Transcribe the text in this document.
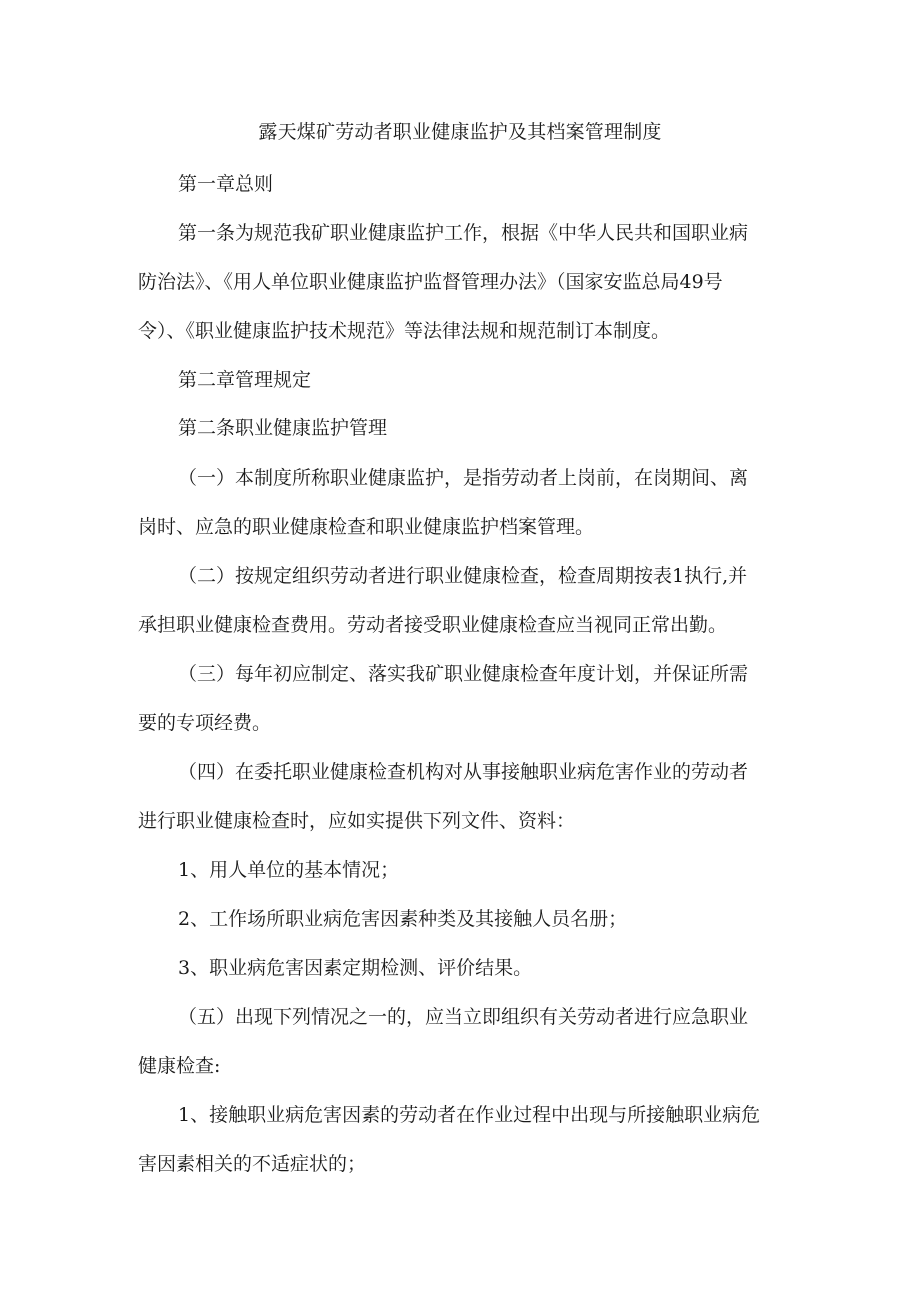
露天煤矿劳动者职业健康监护及其档案管理制度
第一章总则
第一条为规范我矿职业健康监护工作，根据《中华人民共和国职业病
防治法》、《用人单位职业健康监护监督管理办法》（国家安监总局49号
令）、《职业健康监护技术规范》等法律法规和规范制订本制度。
第二章管理规定
第二条职业健康监护管理
（一）本制度所称职业健康监护，是指劳动者上岗前，在岗期间、离
岗时、应急的职业健康检查和职业健康监护档案管理。
（二）按规定组织劳动者进行职业健康检查，检查周期按表1执行,并
承担职业健康检查费用。劳动者接受职业健康检查应当视同正常出勤。
（三）每年初应制定、落实我矿职业健康检查年度计划，并保证所需
要的专项经费。
（四）在委托职业健康检查机构对从事接触职业病危害作业的劳动者
进行职业健康检查时，应如实提供下列文件、资料：
1、用人单位的基本情况；
2、工作场所职业病危害因素种类及其接触人员名册；
3、职业病危害因素定期检测、评价结果。
（五）出现下列情况之一的，应当立即组织有关劳动者进行应急职业
健康检查:
1、接触职业病危害因素的劳动者在作业过程中出现与所接触职业病危
害因素相关的不适症状的；
